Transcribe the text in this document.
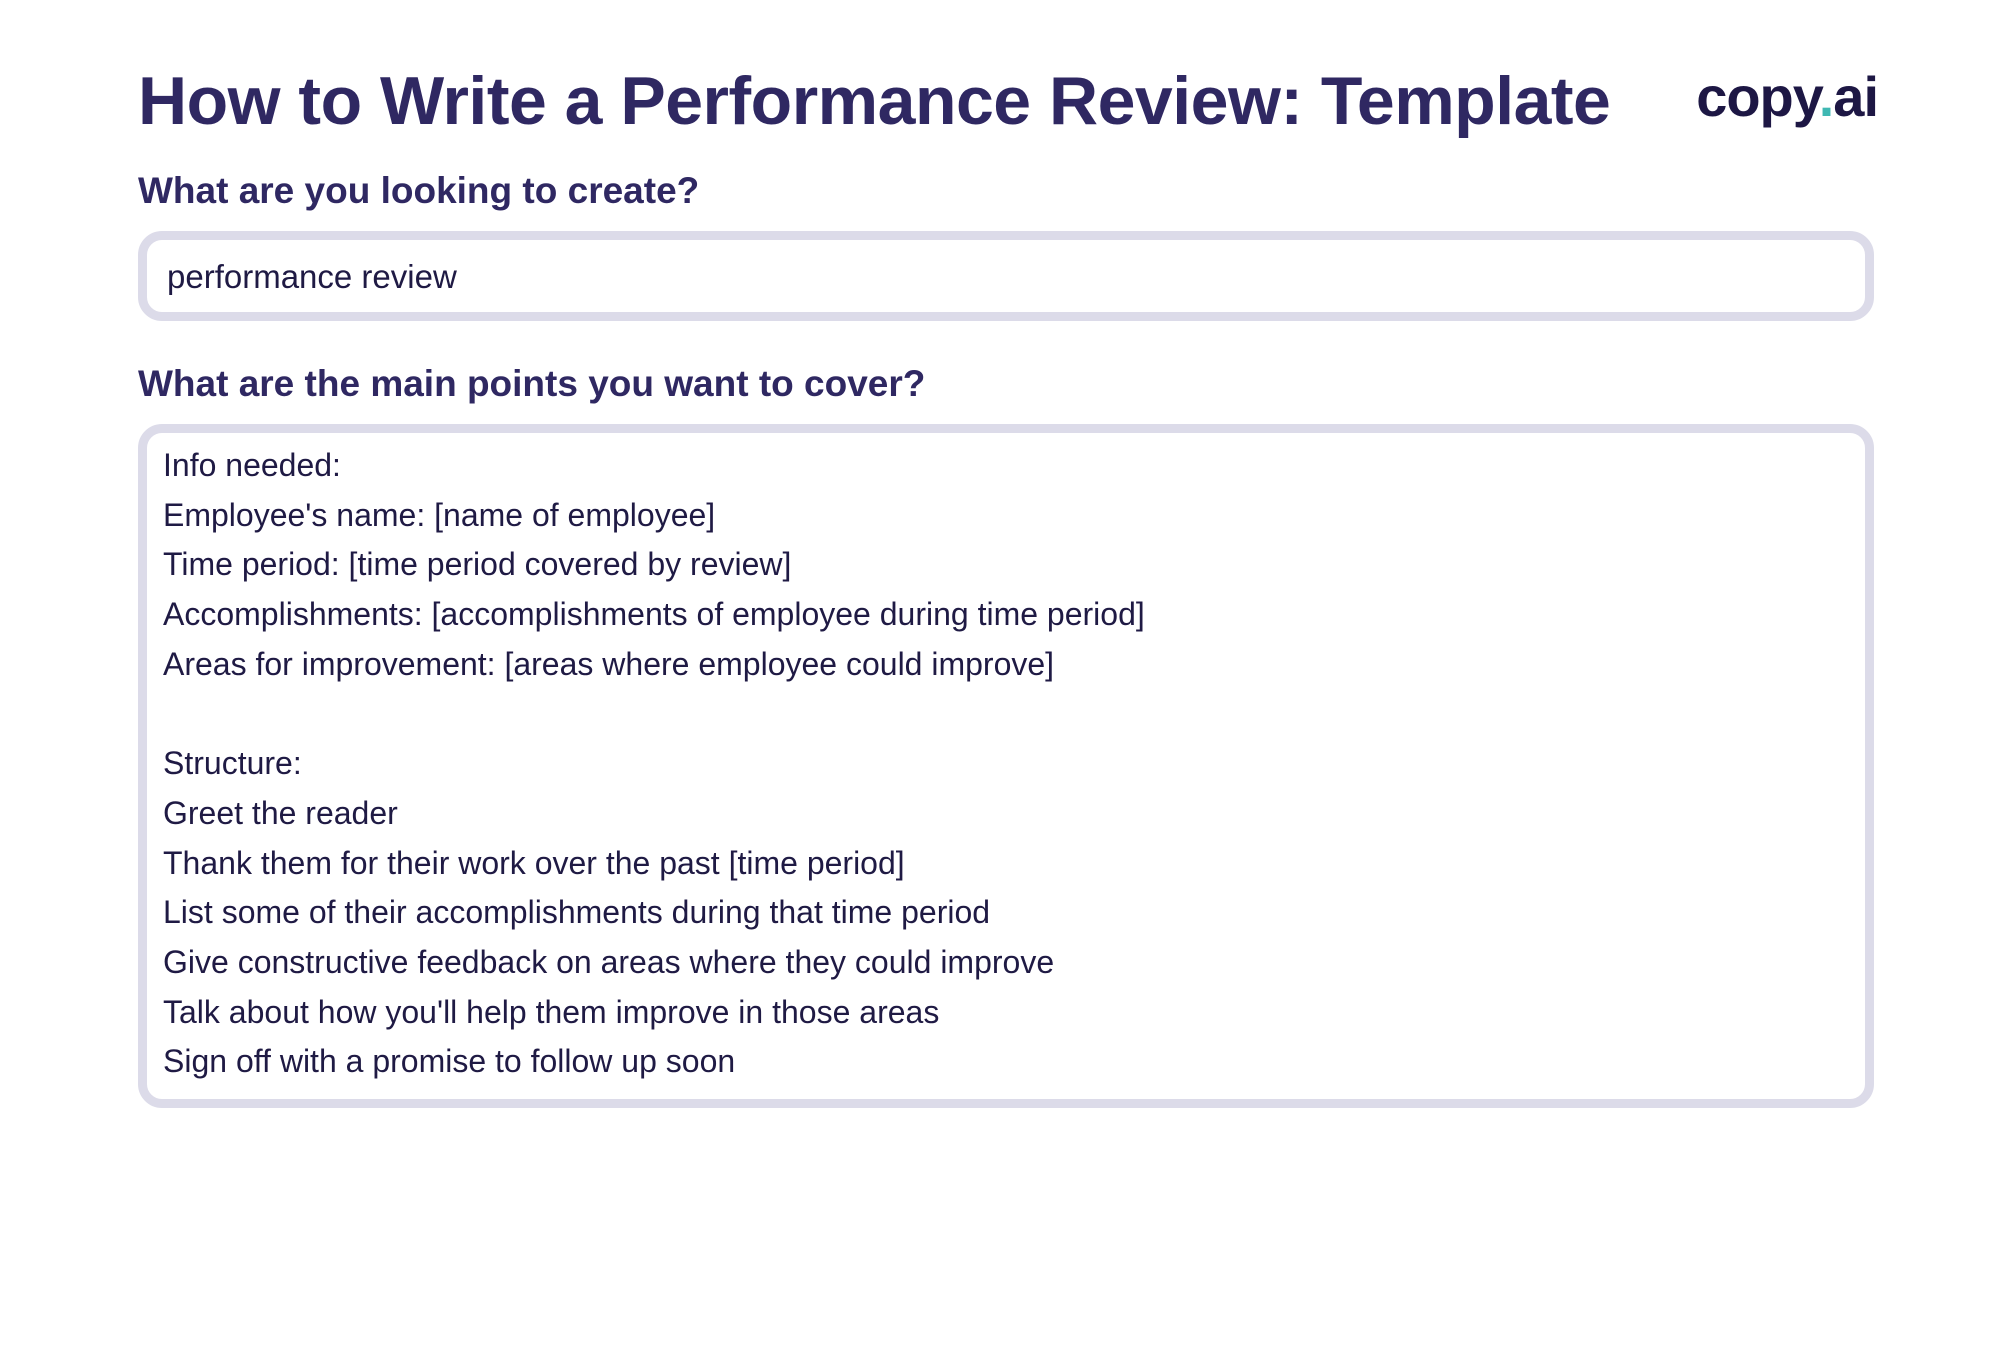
How to Write a Performance Review: Template copy.ai
What are you looking to create?
performance review
What are the main points you want to cover?
Info needed:
Employee's name: [name of employee]
Time period: [time period covered by review]
Accomplishments: [accomplishments of employee during time period]
Areas for improvement: [areas where employee could improve]
Structure:
Greet the reader
Thank them for their work over the past [time period]
List some of their accomplishments during that time period
Give constructive feedback on areas where they could improve
Talk about how you'll help them improve in those areas
Sign off with a promise to follow up soon
